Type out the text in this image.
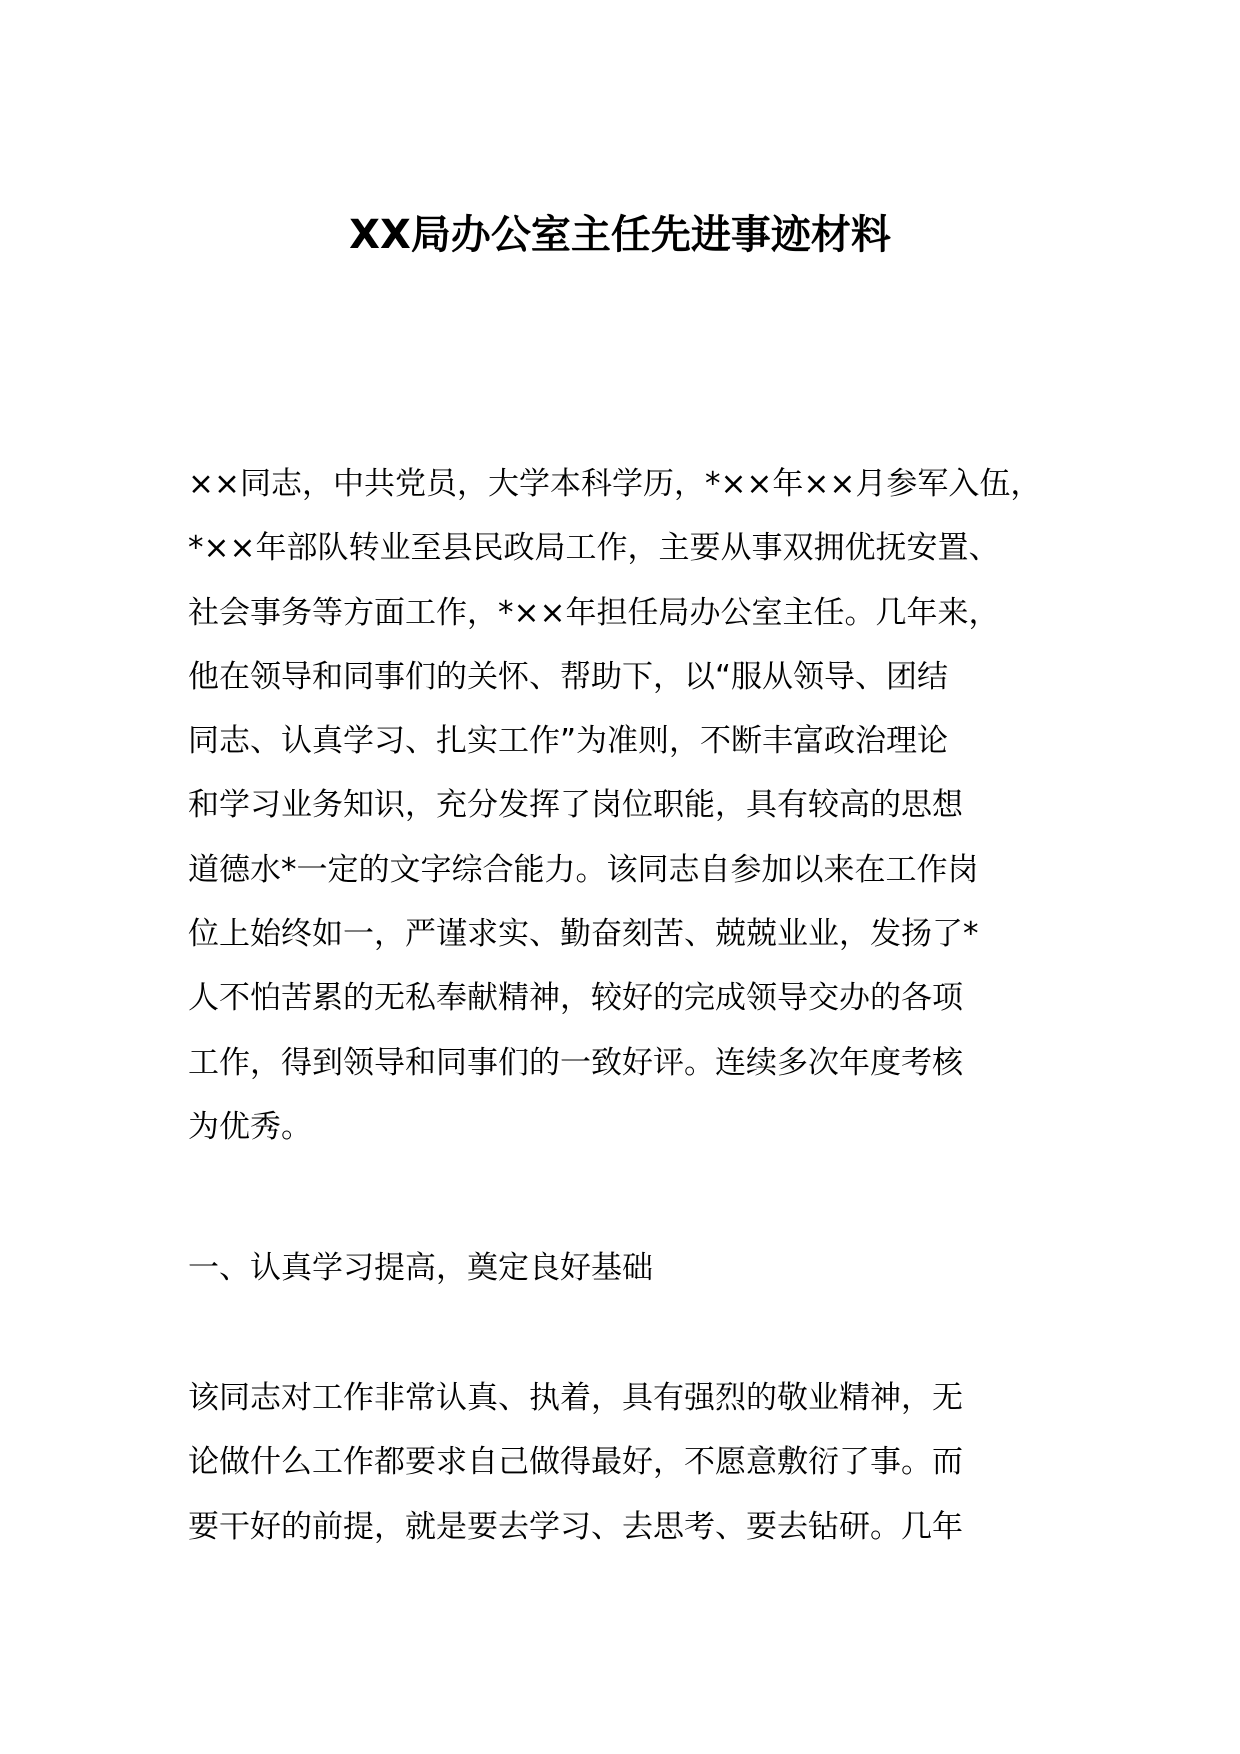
XX局办公室主任先进事迹材料
××同志，中共党员，大学本科学历，*××年××月参军入伍，
*××年部队转业至县民政局工作，主要从事双拥优抚安置、
社会事务等方面工作，*××年担任局办公室主任。几年来，
他在领导和同事们的关怀、帮助下，以“服从领导、团结
同志、认真学习、扎实工作”为准则，不断丰富政治理论
和学习业务知识，充分发挥了岗位职能，具有较高的思想
道德水*一定的文字综合能力。该同志自参加以来在工作岗
位上始终如一，严谨求实、勤奋刻苦、兢兢业业，发扬了*
人不怕苦累的无私奉献精神，较好的完成领导交办的各项
工作，得到领导和同事们的一致好评。连续多次年度考核
为优秀。
一、认真学习提高，奠定良好基础
该同志对工作非常认真、执着，具有强烈的敬业精神，无
论做什么工作都要求自己做得最好，不愿意敷衍了事。而
要干好的前提，就是要去学习、去思考、要去钻研。几年
